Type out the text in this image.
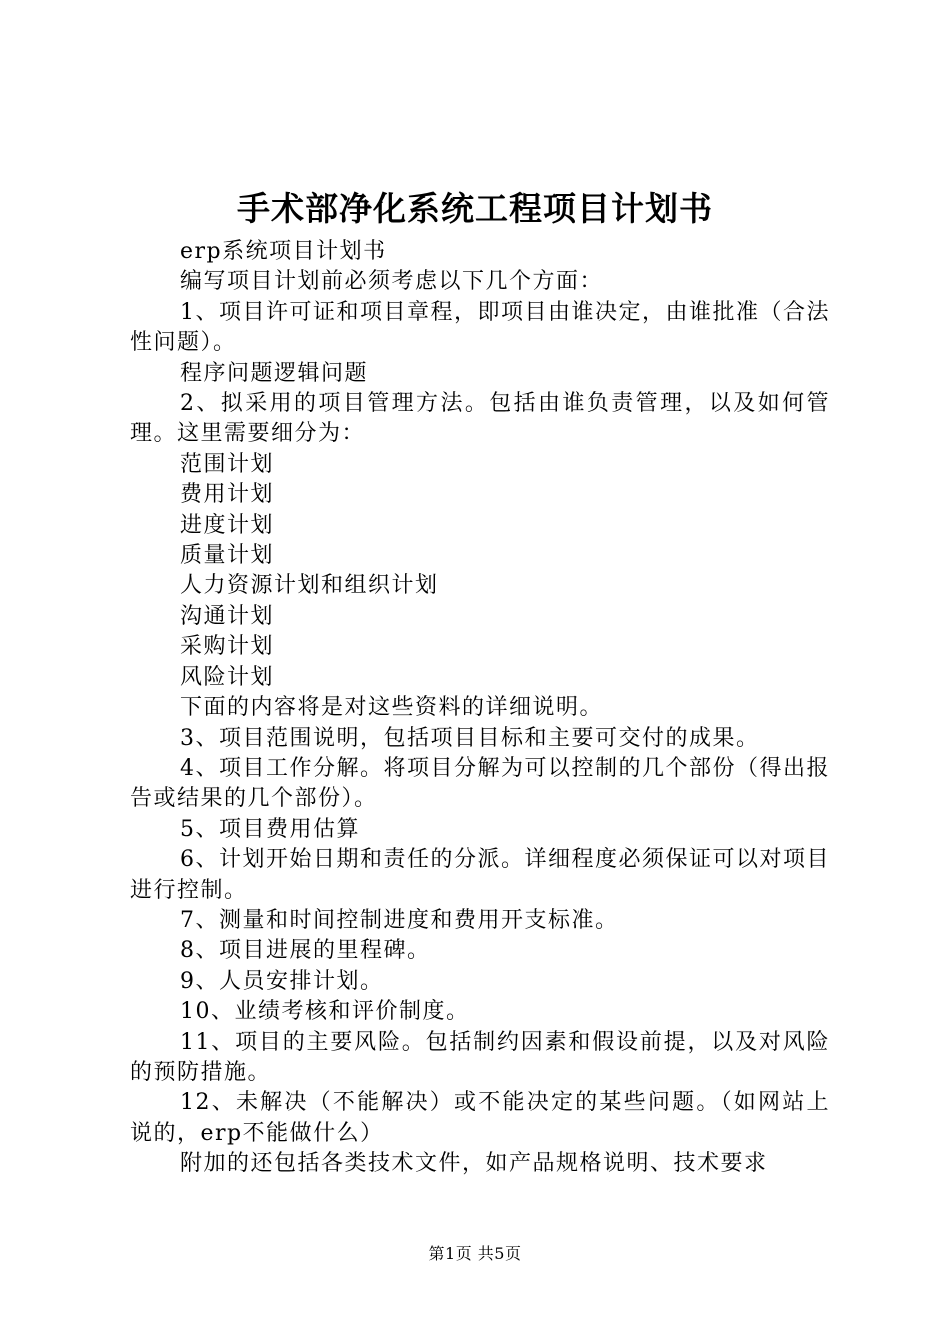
手术部净化系统工程项目计划书

erp系统项目计划书

编写项目计划前必须考虑以下几个方面：

1、项目许可证和项目章程，即项目由谁决定，由谁批准（合法性问题）。

程序问题逻辑问题

2、拟采用的项目管理方法。包括由谁负责管理，以及如何管理。这里需要细分为：

范围计划

费用计划

进度计划

质量计划

人力资源计划和组织计划

沟通计划

采购计划

风险计划

下面的内容将是对这些资料的详细说明。

3、项目范围说明，包括项目目标和主要可交付的成果。

4、项目工作分解。将项目分解为可以控制的几个部份（得出报告或结果的几个部份）。

5、项目费用估算

6、计划开始日期和责任的分派。详细程度必须保证可以对项目进行控制。

7、测量和时间控制进度和费用开支标准。

8、项目进展的里程碑。

9、人员安排计划。

10、业绩考核和评价制度。

11、项目的主要风险。包括制约因素和假设前提，以及对风险的预防措施。

12、未解决（不能解决）或不能决定的某些问题。（如网站上说的，erp不能做什么）

附加的还包括各类技术文件，如产品规格说明、技术要求

第1页 共5页
